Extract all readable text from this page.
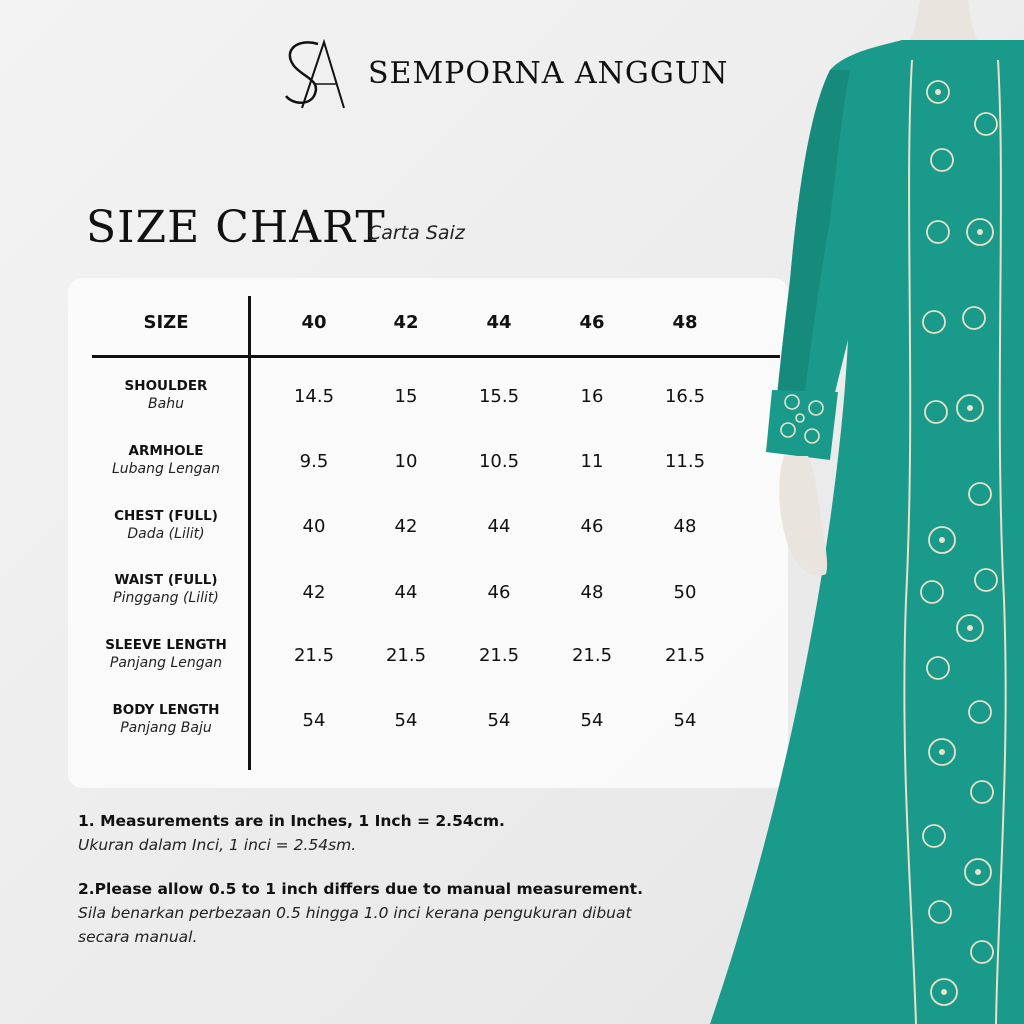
SEMPORNA ANGGUN
SIZE CHART
Carta Saiz
SIZE	40	42	44	46	48
SHOULDER
Bahu	14.5	15	15.5	16	16.5
ARMHOLE
Lubang Lengan	9.5	10	10.5	11	11.5
CHEST (FULL)
Dada (Lilit)	40	42	44	46	48
WAIST (FULL)
Pinggang (Lilit)	42	44	46	48	50
SLEEVE LENGTH
Panjang Lengan	21.5	21.5	21.5	21.5	21.5
BODY LENGTH
Panjang Baju	54	54	54	54	54
1. Measurements are in Inches, 1 Inch = 2.54cm.
Ukuran dalam Inci, 1 inci = 2.54sm.
2.Please allow 0.5 to 1 inch differs due to manual measurement.
Sila benarkan perbezaan 0.5 hingga 1.0 inci kerana pengukuran dibuat
secara manual.
